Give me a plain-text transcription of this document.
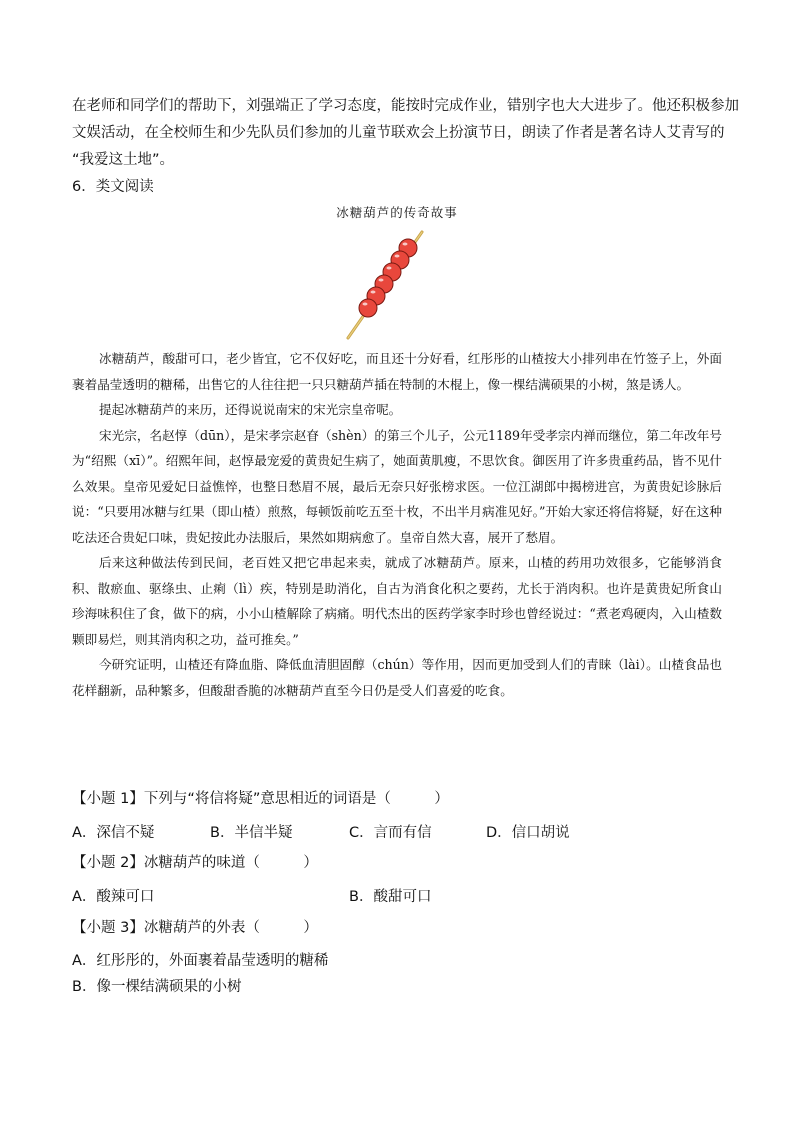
在老师和同学们的帮助下，刘强端正了学习态度，能按时完成作业，错别字也大大进步了。他还积极参加
文娱活动，在全校师生和少先队员们参加的儿童节联欢会上扮演节日，朗读了作者是著名诗人艾青写的
“我爱这土地”。
6．类文阅读
冰糖葫芦的传奇故事

冰糖葫芦，酸甜可口，老少皆宜，它不仅好吃，而且还十分好看，红彤彤的山楂按大小排列串在竹签子上，外面裹着晶莹透明的糖稀，出售它的人往往把一只只糖葫芦插在特制的木棍上，像一棵结满硕果的小树，煞是诱人。

提起冰糖葫芦的来历，还得说说南宋的宋光宗皇帝呢。

宋光宗，名赵惇（dūn），是宋孝宗赵眘（shèn）的第三个儿子，公元1189年受孝宗内禅而继位，第二年改年号为“绍熙（xī）”。绍熙年间，赵惇最宠爱的黄贵妃生病了，她面黄肌瘦，不思饮食。御医用了许多贵重药品，皆不见什么效果。皇帝见爱妃日益憔悴，也整日愁眉不展，最后无奈只好张榜求医。一位江湖郎中揭榜进宫，为黄贵妃诊脉后说：“只要用冰糖与红果（即山楂）煎熬，每顿饭前吃五至十枚，不出半月病准见好。”开始大家还将信将疑，好在这种吃法还合贵妃口味，贵妃按此办法服后，果然如期病愈了。皇帝自然大喜，展开了愁眉。

后来这种做法传到民间，老百姓又把它串起来卖，就成了冰糖葫芦。原来，山楂的药用功效很多，它能够消食积、散瘀血、驱绦虫、止痢（lì）疾，特别是助消化，自古为消食化积之要药，尤长于消肉积。也许是黄贵妃所食山珍海味积住了食，做下的病，小小山楂解除了病痛。明代杰出的医药学家李时珍也曾经说过：“煮老鸡硬肉，入山楂数颗即易烂，则其消肉积之功，益可推矣。”

今研究证明，山楂还有降血脂、降低血清胆固醇（chún）等作用，因而更加受到人们的青睐（lài）。山楂食品也花样翻新，品种繁多，但酸甜香脆的冰糖葫芦直至今日仍是受人们喜爱的吃食。

【小题 1】下列与“将信将疑”意思相近的词语是（　　　）
A．深信不疑	B．半信半疑	C．言而有信	D．信口胡说
【小题 2】冰糖葫芦的味道（　　　）
A．酸辣可口	B．酸甜可口
【小题 3】冰糖葫芦的外表（　　　）
A．红彤彤的，外面裹着晶莹透明的糖稀
B．像一棵结满硕果的小树
